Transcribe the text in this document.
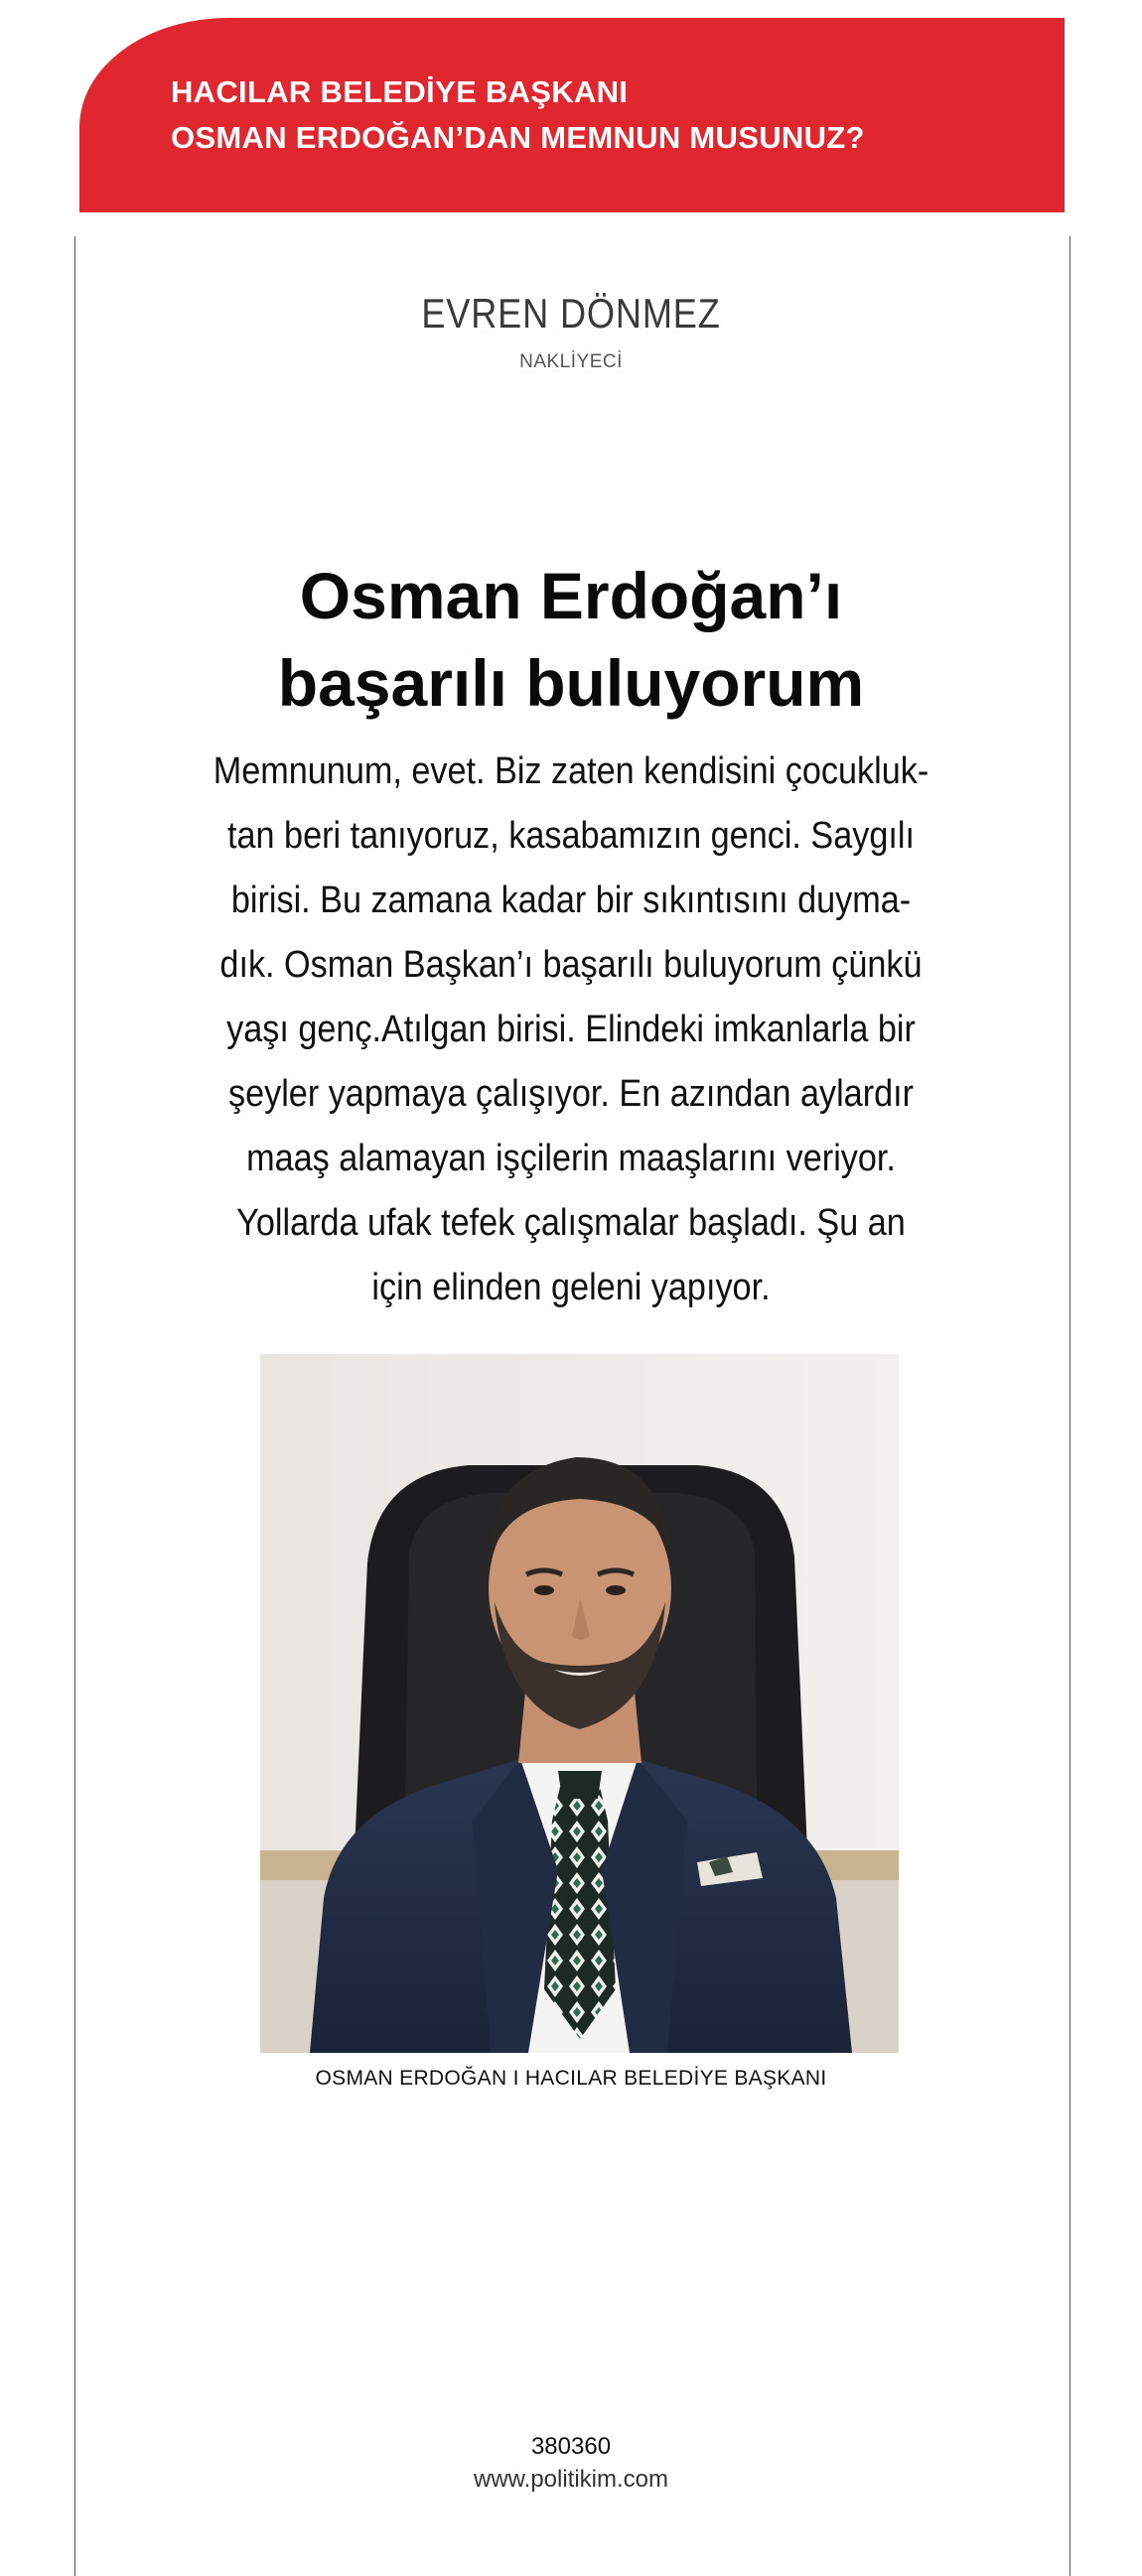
HACILAR BELEDİYE BAŞKANI
OSMAN ERDOĞAN’DAN MEMNUN MUSUNUZ?
EVREN DÖNMEZ
NAKLİYECİ
Osman Erdoğan’ı
başarılı buluyorum
Memnunum, evet. Biz zaten kendisini çocukluk-
tan beri tanıyoruz, kasabamızın genci. Saygılı
birisi. Bu zamana kadar bir sıkıntısını duyma-
dık. Osman Başkan’ı başarılı buluyorum çünkü
yaşı genç.Atılgan birisi. Elindeki imkanlarla bir
şeyler yapmaya çalışıyor. En azından aylardır
maaş alamayan işçilerin maaşlarını veriyor.
Yollarda ufak tefek çalışmalar başladı. Şu an
için elinden geleni yapıyor.
OSMAN ERDOĞAN I HACILAR BELEDİYE BAŞKANI
380360
www.politikim.com
